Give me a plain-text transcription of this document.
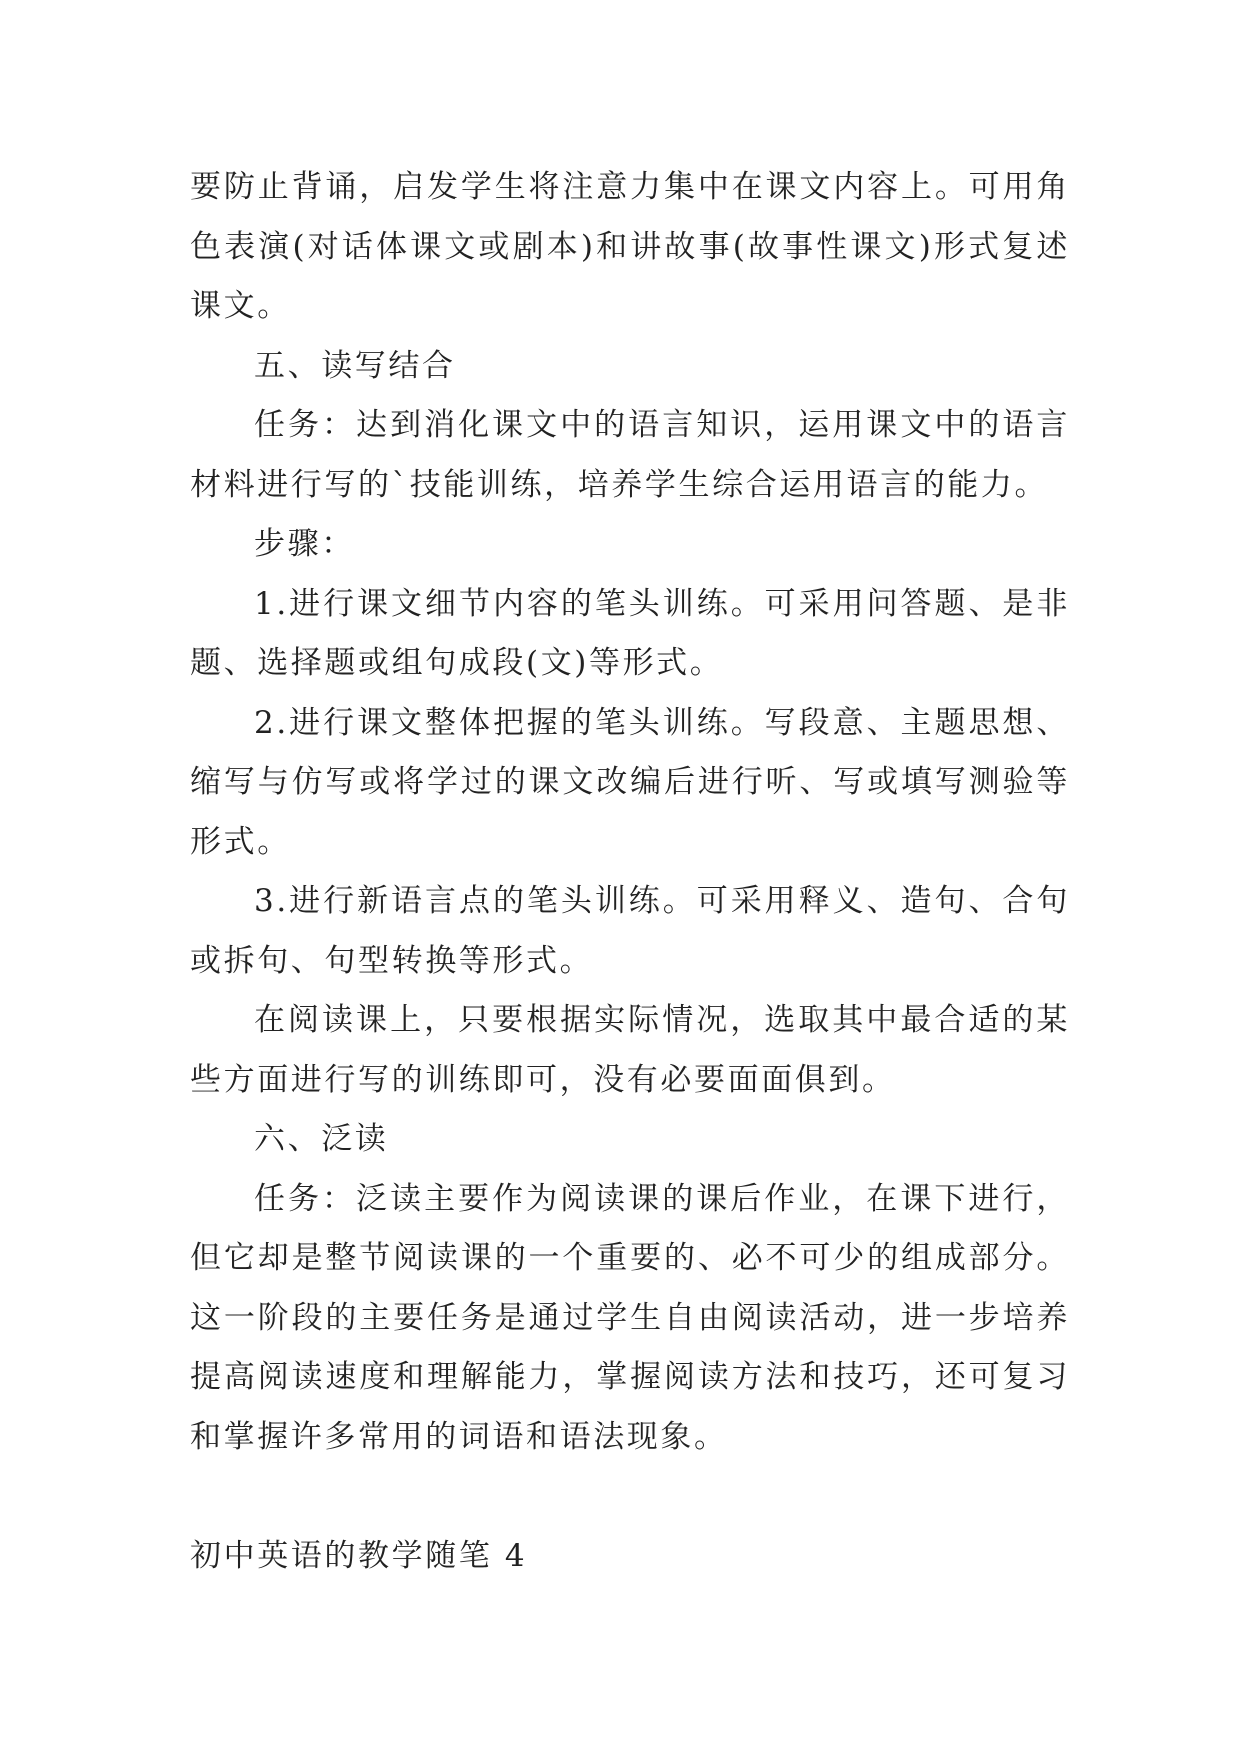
要防止背诵，启发学生将注意力集中在课文内容上。可用角色表演(对话体课文或剧本)和讲故事(故事性课文)形式复述课文。

五、读写结合

任务：达到消化课文中的语言知识，运用课文中的语言材料进行写的`技能训练，培养学生综合运用语言的能力。

步骤：

1.进行课文细节内容的笔头训练。可采用问答题、是非题、选择题或组句成段(文)等形式。

2.进行课文整体把握的笔头训练。写段意、主题思想、缩写与仿写或将学过的课文改编后进行听、写或填写测验等形式。

3.进行新语言点的笔头训练。可采用释义、造句、合句或拆句、句型转换等形式。

在阅读课上，只要根据实际情况，选取其中最合适的某些方面进行写的训练即可，没有必要面面俱到。

六、泛读

任务：泛读主要作为阅读课的课后作业，在课下进行，但它却是整节阅读课的一个重要的、必不可少的组成部分。这一阶段的主要任务是通过学生自由阅读活动，进一步培养提高阅读速度和理解能力，掌握阅读方法和技巧，还可复习和掌握许多常用的词语和语法现象。

初中英语的教学随笔 4
